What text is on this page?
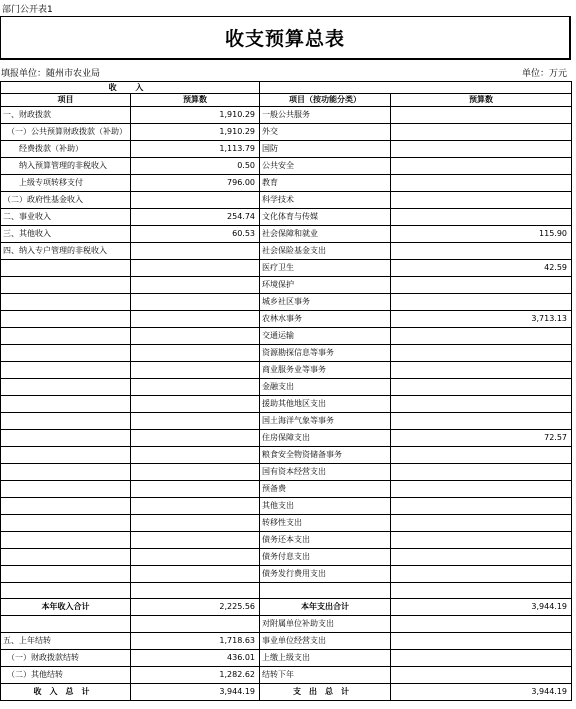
部门公开表1
收支预算总表
填报单位：随州市农业局	单位：万元
收 入			
项目	预算数	项目（按功能分类）	预算数
一、财政拨款	1,910.29	一般公共服务	
（一）公共预算财政拨款（补助）	1,910.29	外交	
经费拨款（补助）	1,113.79	国防	
纳入预算管理的非税收入	0.50	公共安全	
上级专项转移支付	796.00	教育	
（二）政府性基金收入		科学技术	
二、事业收入	254.74	文化体育与传媒	
三、其他收入	60.53	社会保障和就业	115.90
四、纳入专户管理的非税收入		社会保险基金支出	
		医疗卫生	42.59
		环境保护	
		城乡社区事务	
		农林水事务	3,713.13
		交通运输	
		资源勘探信息等事务	
		商业服务业等事务	
		金融支出	
		援助其他地区支出	
		国土海洋气象等事务	
		住房保障支出	72.57
		粮食安全物资储备事务	
		国有资本经营支出	
		预备费	
		其他支出	
		转移性支出	
		债务还本支出	
		债务付息支出	
		债务发行费用支出	

本年收入合计	2,225.56	本年支出合计	3,944.19
		对附属单位补助支出	
五、上年结转	1,718.63	事业单位经营支出	
（一）财政拨款结转	436.01	上缴上级支出	
（二）其他结转	1,282.62	结转下年	
收入总计	3,944.19	支出总计	3,944.19
